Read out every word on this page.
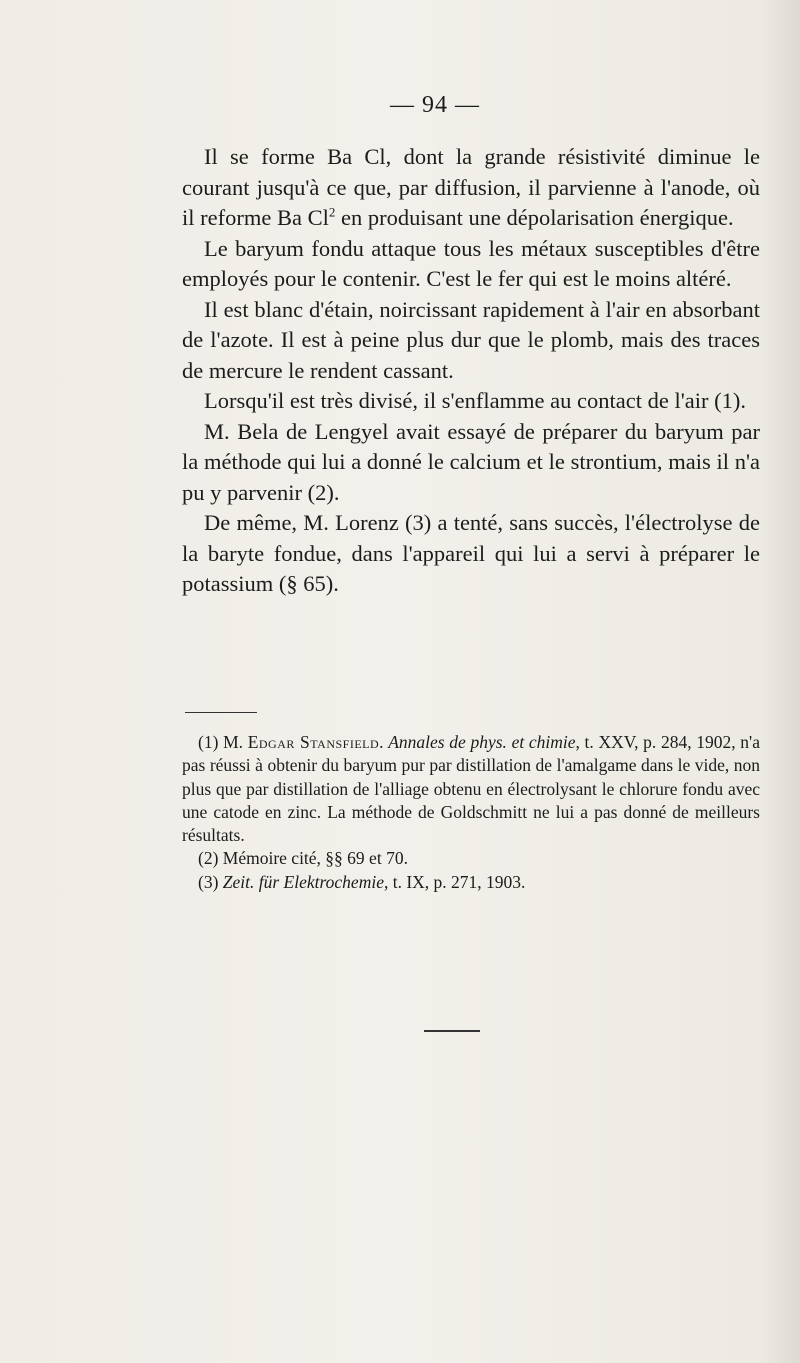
— 94 —

Il se forme Ba Cl, dont la grande résistivité diminue le courant jusqu'à ce que, par diffusion, il parvienne à l'anode, où il reforme Ba Cl$^2$ en produisant une dépolarisation énergique.

Le baryum fondu attaque tous les métaux susceptibles d'être employés pour le contenir. C'est le fer qui est le moins altéré.

Il est blanc d'étain, noircissant rapidement à l'air en absorbant de l'azote. Il est à peine plus dur que le plomb, mais des traces de mercure le rendent cassant.

Lorsqu'il est très divisé, il s'enflamme au contact de l'air (1).

M. Bela de Lengyel avait essayé de préparer du baryum par la méthode qui lui a donné le calcium et le strontium, mais il n'a pu y parvenir (2).

De même, M. Lorenz (3) a tenté, sans succès, l'électrolyse de la baryte fondue, dans l'appareil qui lui a servi à préparer le potassium (§ 65).

(1) M. Edgar Stansfield. Annales de phys. et chimie, t. XXV, p. 284, 1902, n'a pas réussi à obtenir du baryum pur par distillation de l'amalgame dans le vide, non plus que par distillation de l'alliage obtenu en électrolysant le chlorure fondu avec une catode en zinc. La méthode de Goldschmitt ne lui a pas donné de meilleurs résultats.

(2) Mémoire cité, §§ 69 et 70.

(3) Zeit. für Elektrochemie, t. IX, p. 271, 1903.
